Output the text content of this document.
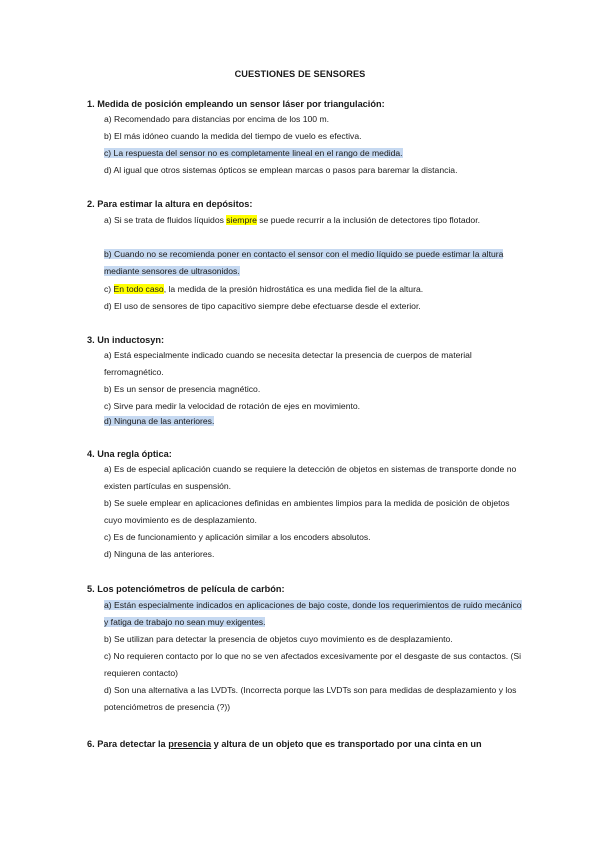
CUESTIONES DE SENSORES
1. Medida de posición empleando un sensor láser por triangulación:
a) Recomendado para distancias por encima de los 100 m.
b) El más idóneo cuando la medida del tiempo de vuelo es efectiva.
c) La respuesta del sensor no es completamente lineal en el rango de medida.
d) Al igual que otros sistemas ópticos se emplean marcas o pasos para baremar la distancia.
2. Para estimar la altura en depósitos:
a) Si se trata de fluidos líquidos siempre se puede recurrir a la inclusión de detectores tipo flotador.
b) Cuando no se recomienda poner en contacto el sensor con el medio líquido se puede estimar la altura mediante sensores de ultrasonidos.
c) En todo caso, la medida de la presión hidrostática es una medida fiel de la altura.
d) El uso de sensores de tipo capacitivo siempre debe efectuarse desde el exterior.
3. Un inductosyn:
a) Está especialmente indicado cuando se necesita detectar la presencia de cuerpos de material ferromagnético.
b) Es un sensor de presencia magnético.
c) Sirve para medir la velocidad de rotación de ejes en movimiento.
d) Ninguna de las anteriores.
4. Una regla óptica:
a) Es de especial aplicación cuando se requiere la detección de objetos en sistemas de transporte donde no existen partículas en suspensión.
b) Se suele emplear en aplicaciones definidas en ambientes limpios para la medida de posición de objetos cuyo movimiento es de desplazamiento.
c) Es de funcionamiento y aplicación similar a los encoders absolutos.
d) Ninguna de las anteriores.
5. Los potenciómetros de película de carbón:
a) Están especialmente indicados en aplicaciones de bajo coste, donde los requerimientos de ruido mecánico y fatiga de trabajo no sean muy exigentes.
b) Se utilizan para detectar la presencia de objetos cuyo movimiento es de desplazamiento.
c) No requieren contacto por lo que no se ven afectados excesivamente por el desgaste de sus contactos. (Si requieren contacto)
d) Son una alternativa a las LVDTs. (Incorrecta porque las LVDTs son para medidas de desplazamiento y los potenciómetros de presencia (?))
6. Para detectar la presencia y altura de un objeto que es transportado por una cinta en un
